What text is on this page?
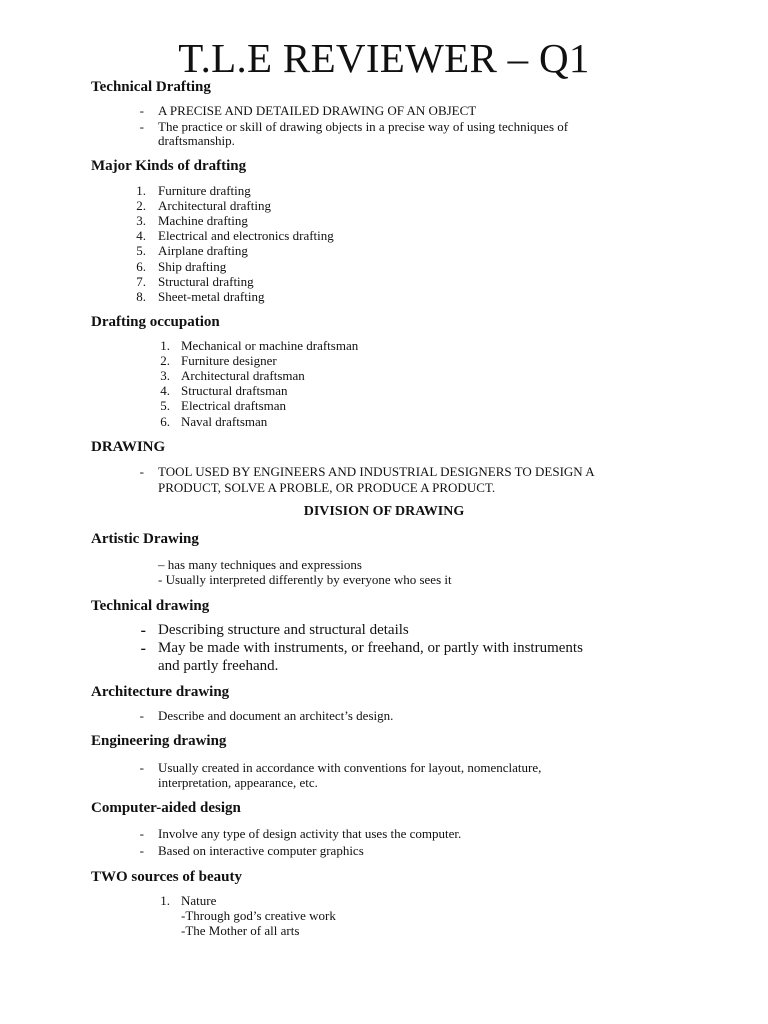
T.L.E REVIEWER – Q1
Technical Drafting
- A PRECISE AND DETAILED DRAWING OF AN OBJECT
- The practice or skill of drawing objects in a precise way of using techniques of
draftsmanship.
Major Kinds of drafting
1. Furniture drafting
2. Architectural drafting
3. Machine drafting
4. Electrical and electronics drafting
5. Airplane drafting
6. Ship drafting
7. Structural drafting
8. Sheet-metal drafting
Drafting occupation
1. Mechanical or machine draftsman
2. Furniture designer
3. Architectural draftsman
4. Structural draftsman
5. Electrical draftsman
6. Naval draftsman
DRAWING
- TOOL USED BY ENGINEERS AND INDUSTRIAL DESIGNERS TO DESIGN A
PRODUCT, SOLVE A PROBLE, OR PRODUCE A PRODUCT.
DIVISION OF DRAWING
Artistic Drawing
– has many techniques and expressions
- Usually interpreted differently by everyone who sees it
Technical drawing
- Describing structure and structural details
- May be made with instruments, or freehand, or partly with instruments
and partly freehand.
Architecture drawing
- Describe and document an architect’s design.
Engineering drawing
- Usually created in accordance with conventions for layout, nomenclature,
interpretation, appearance, etc.
Computer-aided design
- Involve any type of design activity that uses the computer.
- Based on interactive computer graphics
TWO sources of beauty
1. Nature
-Through god’s creative work
-The Mother of all arts
